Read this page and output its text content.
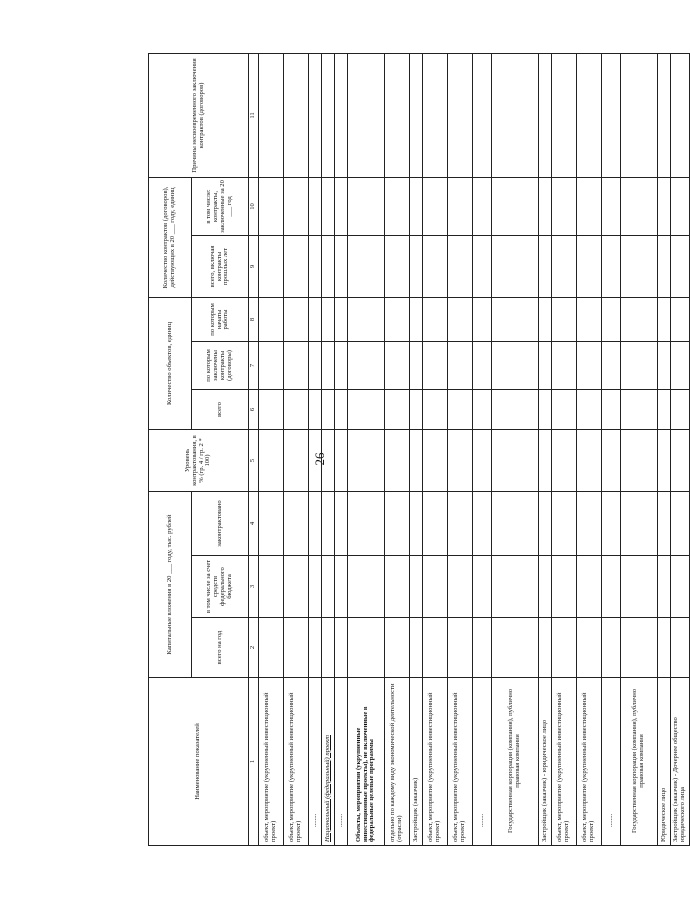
26
Наименование показателей	Капитальные вложения в 20 ___ году, тыс. рублей			Уровень контрактования, в % (гр. 4 / гр. 2 * 100)	Количество объектов, единиц			Количество контрактов (договоров), действующих в 20 ___ году, единиц		Причины несвоевременного заключения контрактов (договоров)
	всего на год	в том числе за счет средств федерального бюджета	законтрактовано		всего	по которым заключены контракты (договоры)	по которым начаты работы	всего, включая контракты прошлых лет	в том числе: контракты, заключенные за 20 ___ год	
1	2	3	4	5	6	7	8	9	10	11
объект, мероприятие (укрупненный инвестиционный проект)										
объект, мероприятие (укрупненный инвестиционный проект)										
........										
Национальный (федеральный) проект										
........										
Объекты, мероприятия (укрупненные инвестиционные проекты), не включенные в федеральные целевые программы										
отдельно по каждому виду экономической деятельности (отрасли)										
Застройщик (заказчик)										
объект, мероприятие (укрупненный инвестиционный проект)										
объект, мероприятие (укрупненный инвестиционный проект)										
........										
Государственная корпорация (компания), публично правовая компания										
Застройщик (заказчик) - юридическое лицо										
объект, мероприятие (укрупненный инвестиционный проект)										
объект, мероприятие (укрупненный инвестиционный проект)										
........										
Государственная корпорация (компания), публично правовая компания										
Юридическое лицо										
Застройщик (заказчик) - Дочернее общество юридического лица										
